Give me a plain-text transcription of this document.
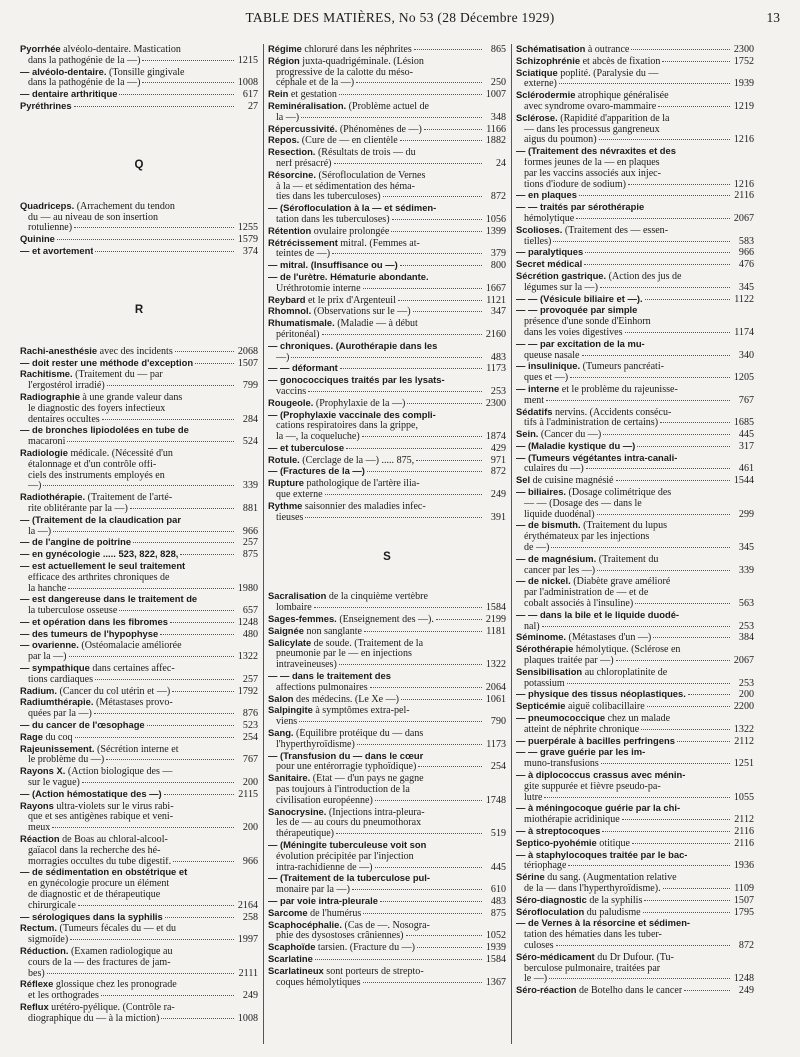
TABLE DES MATIÈRES, No 53 (28 Décembre 1929)	13
Pyorrhée alvéolo-dentaire. Mastication
dans la pathogénie de la —)	1215
— alvéolo-dentaire. (Tonsille gingivale
dans la pathogénie de la —)	1008
— dentaire arthritique	617
Pyréthrines	27
Q
Quadriceps. (Arrachement du tendon
du — au niveau de son insertion
rotulienne)	1255
Quinine	1579
— et avortement	374
R
Rachi-anesthésie avec des incidents	2068
— doit rester une méthode d'exception	1507
Rachitisme. (Traitement du — par
l'ergostérol irradié)	799
Radiographie à une grande valeur dans
le diagnostic des foyers infectieux
dentaires occultes	284
— de bronches lipiodolées en tube de
macaroni	524
Radiologie médicale. (Nécessité d'un
étalonnage et d'un contrôle offi-
ciels des instruments employés en
—)	339
Radiothérapie. (Traitement de l'arté-
rite oblitérante par la —)	881
— (Traitement de la claudication par
la —)	966
— de l'angine de poitrine	257
— en gynécologie ..... 523, 822, 828,	875
— est actuellement le seul traitement
efficace des arthrites chroniques de
la hanche	1980
— est dangereuse dans le traitement de
la tuberculose osseuse	657
— et opération dans les fibromes	1248
— des tumeurs de l'hypophyse	480
— ovarienne. (Ostéomalacie améliorée
par la —)	1322
— sympathique dans certaines affec-
tions cardiaques	257
Radium. (Cancer du col utérin et —)	1792
Radiumthérapie. (Métastases provo-
quées par la —)	876
— du cancer de l'œsophage	523
Rage du coq	254
Rajeunissement. (Sécrétion interne et
le problème du —)	767
Rayons X. (Action biologique des —
sur le vague)	200
— (Action hémostatique des —)	2115
Rayons ultra-violets sur le virus rabi-
que et ses antigènes rabique et veni-
meux	200
Réaction de Boas au chloral-alcool-
gaïacol dans la recherche des hé-
morragies occultes du tube digestif.	966
— de sédimentation en obstétrique et
en gynécologie procure un élément
de diagnostic et de thérapeutique
chirurgicale	2164
— sérologiques dans la syphilis	258
Rectum. (Tumeurs fécales du — et du
sigmoïde)	1997
Réduction. (Examen radiologique au
cours de la — des fractures de jam-
bes)	2111
Réflexe glossique chez les pronograde
et les orthogrades	249
Reflux urétéro-pyélique. (Contrôle ra-
diographique du — à la miction)	1008
Régime chloruré dans les néphrites	865
Région juxta-quadrigéminale. (Lésion
progressive de la calotte du méso-
céphale et de la —)	250
Rein et gestation	1007
Reminéralisation. (Problème actuel de
la —)	348
Répercussivité. (Phénomènes de —)	1166
Repos. (Cure de — en clientèle	1882
Resection. (Résultats de trois — du
nerf présacré)	24
Résorcine. (Sérofloculation de Vernes
à la — et sédimentation des héma-
ties dans les tuberculoses)	872
— (Sérofloculation à la — et sédimen-
tation dans les tuberculoses)	1056
Rétention ovulaire prolongée	1399
Rétrécissement mitral. (Femmes at-
teintes de —)	379
— mitral. (Insuffisance ou —)	800
— de l'urètre. Hématurie abondante.
Uréthrotomie interne	1667
Reybard et le prix d'Argenteuil	1121
Rhomnol. (Observations sur le —)	347
Rhumatismale. (Maladie — à début
péritonéal)	2160
— chroniques. (Aurothérapie dans les
—)	483
— — déformant	1173
— gonococciques traités par les lysats-
vaccins	253
Rougeole. (Prophylaxie de la —)	2300
— (Prophylaxie vaccinale des compli-
cations respiratoires dans la grippe,
la —, la coqueluche)	1874
— et tuberculose	429
Rotule. (Cerclage de la —) ..... 875,	971
— (Fractures de la —)	872
Rupture pathologique de l'artère ilia-
que externe	249
Rythme saisonnier des maladies infec-
tieuses	391
S
Sacralisation de la cinquième vertèbre
lombaire	1584
Sages-femmes. (Enseignement des —).	2199
Saignée non sanglante	1181
Salicylate de soude. (Traitement de la
pneumonie par le — en injections
intraveineuses)	1322
— — dans le traitement des
affections pulmonaires	2064
Salon des médecins. (Le Xe —)	1061
Salpingite à symptômes extra-pel-
viens	790
Sang. (Équilibre protéique du — dans
l'hyperthyroïdisme)	1173
— (Transfusion du — dans le cœur
pour une entérorragie typhoïdique)	254
Sanitaire. (État — d'un pays ne gagne
pas toujours à l'introduction de la
civilisation européenne)	1748
Sanocrysine. (Injections intra-pleura-
les de — au cours du pneumothorax
thérapeutique)	519
— (Méningite tuberculeuse voit son
évolution précipitée par l'injection
intra-rachidienne de —)	445
— (Traitement de la tuberculose pul-
monaire par la —)	610
— par voie intra-pleurale	483
Sarcome de l'humérus	875
Scaphocéphalie. (Cas de —. Nosogra-
phie des dysostoses crâniennes)	1052
Scaphoïde tarsien. (Fracture du —)	1939
Scarlatine	1584
Scarlatineux sont porteurs de strepto-
coques hémolytiques	1367
Schématisation à outrance	2300
Schizophrénie et abcès de fixation	1752
Sciatique poplité. (Paralysie du —
externe)	1939
Sclérodermie atrophique généralisée
avec syndrome ovaro-mammaire	1219
Sclérose. (Rapidité d'apparition de la
— dans les processus gangreneux
aigus du poumon)	1216
— (Traitement des névraxites et des
formes jeunes de la — en plaques
par les vaccins associés aux injec-
tions d'iodure de sodium)	1216
— en plaques	2116
— — traités par sérothérapie
hémolytique	2067
Scolioses. (Traitement des — essen-
tielles)	583
— paralytiques	966
Secret médical	476
Sécrétion gastrique. (Action des jus de
légumes sur la —)	345
— — (Vésicule biliaire et —).	1122
— — provoquée par simple
présence d'une sonde d'Einhorn
dans les voies digestives	1174
— — par excitation de la mu-
queuse nasale	340
— insulinique. (Tumeurs pancréati-
ques et —)	1205
— interne et le problème du rajeunisse-
ment	767
Sédatifs nervins. (Accidents consécu-
tifs à l'administration de certains)	1685
Sein. (Cancer du —)	445
— (Maladie kystique du —)	317
— (Tumeurs végétantes intra-canali-
culaires du —)	461
Sel de cuisine magnésié	1544
— biliaires. (Dosage colimétrique des
— — (Dosage des — dans le
liquide duodénal)	299
— de bismuth. (Traitement du lupus
érythémateux par les injections
de —)	345
— de magnésium. (Traitement du
cancer par les —)	339
— de nickel. (Diabète grave amélioré
par l'administration de — et de
cobalt associés à l'insuline)	563
— — dans la bile et le liquide duodé-
nal)	253
Séminome. (Métastases d'un —)	384
Sérothérapie hémolytique. (Sclérose en
plaques traitée par —)	2067
Sensibilisation au chloroplatinite de
potassium	253
— physique des tissus néoplastiques.	200
Septicémie aiguë colibacillaire	2200
— pneumococcique chez un malade
atteint de néphrite chronique	1322
— puerpérale à bacilles perfringens	2112
— — grave guérie par les im-
muno-transfusions	1251
— à diplococcus crassus avec ménin-
gite suppurée et fièvre pseudo-pa-
lutre	1055
— à méningocoque guérie par la chi-
miothérapie acridinique	2112
— à streptocoques	2116
Septico-pyohémie otitique	2116
— à staphylocoques traitée par le bac-
tériophage	1936
Sérine du sang. (Augmentation relative
de la — dans l'hyperthyroïdisme).	1109
Séro-diagnostic de la syphilis	1507
Sérofloculation du paludisme	1795
— de Vernes à la résorcine et sédimen-
tation des hématies dans les tuber-
culoses	872
Séro-médicament du Dr Dufour. (Tu-
berculose pulmonaire, traitées par
le —)	1248
Séro-réaction de Botelho dans le cancer	249
